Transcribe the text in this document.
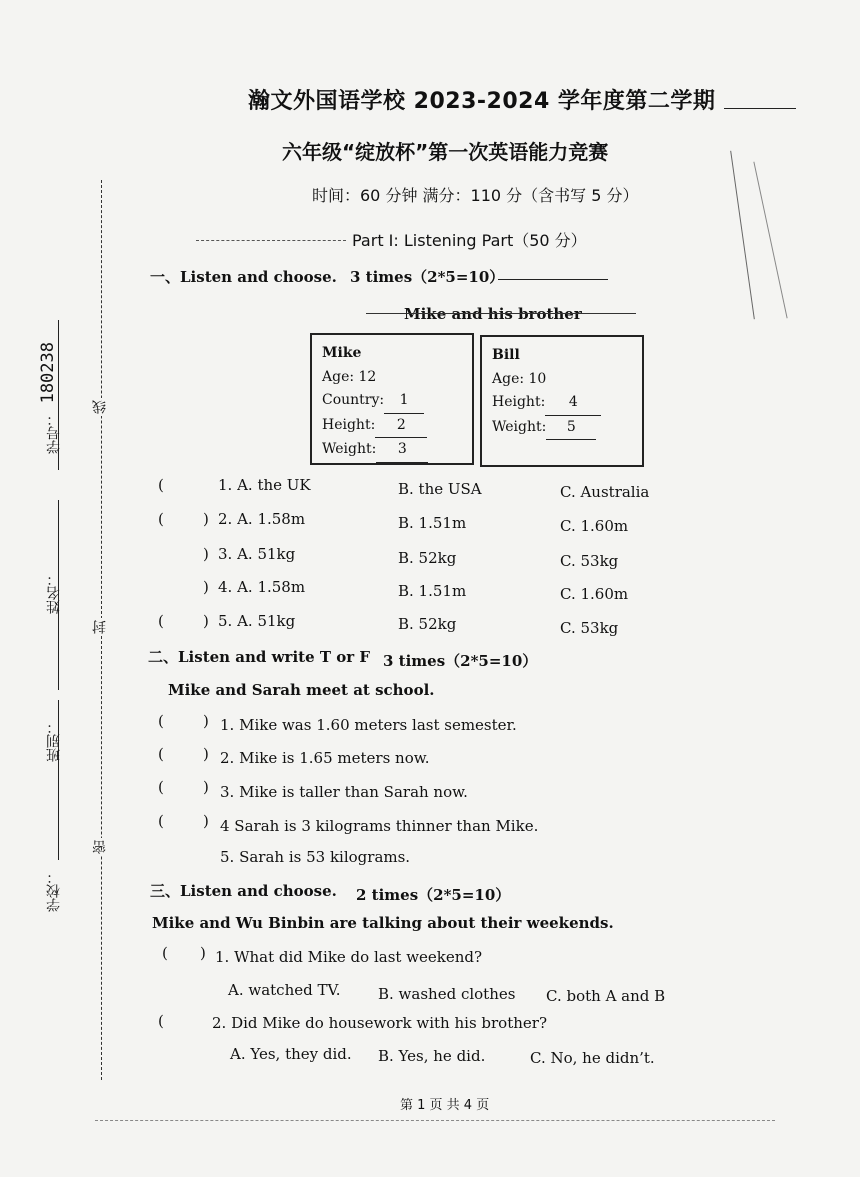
线
封
密
学校：
班别：
姓名：
学号：
180238
瀚文外国语学校 2023-2024 学年度第二学期
六年级“绽放杯”第一次英语能力竞赛
时间：60 分钟 满分：110 分（含书写 5 分）
Part I: Listening Part（50 分）
一、Listen and choose. 3 times（2*5=10）
Mike and his brother
Mike
Age: 12
Country: 1
Height: 2
Weight: 3
Bill
Age: 10
Height: 4
Weight: 5
(	1. A. the UK	B. the USA	C. Australia
(	) 2. A. 1.58m	B. 1.51m	C. 1.60m
) 3. A. 51kg	B. 52kg	C. 53kg
) 4. A. 1.58m	B. 1.51m	C. 1.60m
(	) 5. A. 51kg	B. 52kg	C. 53kg
二、Listen and write T or F 3 times（2*5=10）
Mike and Sarah meet at school.
(	) 1. Mike was 1.60 meters last semester.
(	) 2. Mike is 1.65 meters now.
(	) 3. Mike is taller than Sarah now.
(	) 4 Sarah is 3 kilograms thinner than Mike.
5. Sarah is 53 kilograms.
三、Listen and choose. 2 times（2*5=10）
Mike and Wu Binbin are talking about their weekends.
( ) 1. What did Mike do last weekend?
A. watched TV.	B. washed clothes C. both A and B
(	2. Did Mike do housework with his brother?
A. Yes, they did. B. Yes, he did.	C. No, he didn’t.
第 1 页 共 4 页
